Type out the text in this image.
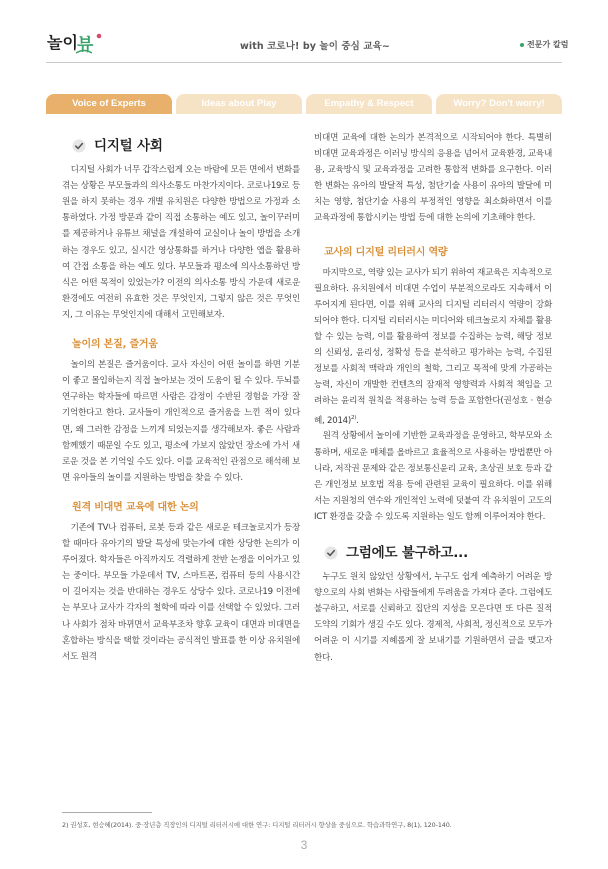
놀이 뷰	with 코로나! by 놀이 중심 교육~	전문가 칼럼
Voice of Experts	Ideas about Play	Empathy & Respect	Worry? Don't worry!
디지털 사회

디지털 사회가 너무 갑작스럽게 오는 바람에 모든 면에서 변화를 겪는 상황은 부모들과의 의사소통도 마찬가지이다. 코로나19로 등원을 하지 못하는 경우 개별 유치원은 다양한 방법으로 가정과 소통하였다. 가정 방문과 같이 직접 소통하는 예도 있고, 놀이꾸러미를 제공하거나 유튜브 채널을 개설하여 교실이나 놀이 방법을 소개하는 경우도 있고, 실시간 영상통화를 하거나 다양한 앱을 활용하여 간접 소통을 하는 예도 있다. 부모들과 평소에 의사소통하던 방식은 어떤 목적이 있었는가? 이전의 의사소통 방식 가운데 새로운 환경에도 여전히 유효한 것은 무엇인지, 그렇지 않은 것은 무엇인지, 그 이유는 무엇인지에 대해서 고민해보자.

놀이의 본질, 즐거움

놀이의 본질은 즐거움이다. 교사 자신이 어떤 놀이를 하면 기분이 좋고 몰입하는지 직접 놀아보는 것이 도움이 될 수 있다. 두뇌를 연구하는 학자들에 따르면 사람은 감정이 수반된 경험을 가장 잘 기억한다고 한다. 교사들이 개인적으로 즐거움을 느낀 적이 있다면, 왜 그러한 감정을 느끼게 되었는지를 생각해보자. 좋은 사람과 함께했기 때문일 수도 있고, 평소에 가보지 않았던 장소에 가서 새로운 것을 본 기억일 수도 있다. 이를 교육적인 관점으로 해석해 보면 유아들의 놀이를 지원하는 방법을 찾을 수 있다.

원격 비대면 교육에 대한 논의

기존에 TV나 컴퓨터, 로봇 등과 같은 새로운 테크놀로지가 등장할 때마다 유아기의 발달 특성에 맞는가에 대한 상당한 논의가 이루어졌다. 학자들은 아직까지도 격렬하게 찬반 논쟁을 이어가고 있는 중이다. 부모들 가운데서 TV, 스마트폰, 컴퓨터 등의 사용시간이 길어지는 것을 반대하는 경우도 상당수 있다. 코로나19 이전에는 부모나 교사가 각자의 철학에 따라 이를 선택할 수 있었다. 그러나 사회가 점차 바뀌면서 교육부조차 향후 교육이 대면과 비대면을 혼합하는 방식을 택할 것이라는 공식적인 발표를 한 이상 유치원에서도 원격

비대면 교육에 대한 논의가 본격적으로 시작되어야 한다. 특별히 비대면 교육과정은 이러닝 방식의 응용을 넘어서 교육환경, 교육내용, 교육방식 및 교육과정을 고려한 통합적 변화를 요구한다. 이러한 변화는 유아의 발달적 특성, 첨단기술 사용이 유아의 발달에 미치는 영향, 첨단기술 사용의 부정적인 영향을 최소화하면서 이를 교육과정에 통합시키는 방법 등에 대한 논의에 기초해야 한다.

교사의 디지털 리터러시 역량

마지막으로, 역량 있는 교사가 되기 위하여 재교육은 지속적으로 필요하다. 유치원에서 비대면 수업이 부분적으로라도 지속해서 이루어지게 된다면, 이를 위해 교사의 디지털 리터러시 역량이 강화되어야 한다. 디지털 리터러시는 미디어와 테크놀로지 자체를 활용할 수 있는 능력, 이를 활용하여 정보를 수집하는 능력, 해당 정보의 신뢰성, 윤리성, 정확성 등을 분석하고 평가하는 능력, 수집된 정보를 사회적 맥락과 개인의 철학, 그리고 목적에 맞게 가공하는 능력, 자신이 개발한 컨텐츠의 잠재적 영향력과 사회적 책임을 고려하는 윤리적 원칙을 적용하는 능력 등을 포함한다(권성호 · 현승혜, 2014)$^{2)}$.

원격 상황에서 놀이에 기반한 교육과정을 운영하고, 학부모와 소통하며, 새로운 매체를 올바르고 효율적으로 사용하는 방법뿐만 아니라, 저작권 문제와 같은 정보통신윤리 교육, 초상권 보호 등과 같은 개인정보 보호법 적용 등에 관련된 교육이 필요하다. 이를 위해서는 지원청의 연수와 개인적인 노력에 덧붙여 각 유치원이 고도의 ICT 환경을 갖출 수 있도록 지원하는 일도 함께 이루어져야 한다.

그럼에도 불구하고...

누구도 원치 않았던 상황에서, 누구도 쉽게 예측하기 어려운 방향으로의 사회 변화는 사람들에게 두려움을 가져다 준다. 그럼에도 불구하고, 서로를 신뢰하고 집단의 지성을 모은다면 또 다른 질적 도약의 기회가 생길 수도 있다. 경제적, 사회적, 정신적으로 모두가 어려운 이 시기를 지혜롭게 잘 보내기를 기원하면서 글을 맺고자 한다.

2) 권성호, 현승혜(2014). 중·장년층 직장인의 디지털 리터러시에 대한 연구: 디지털 리터러시 향상을 중심으로. 학습과학연구, 8(1), 120-140.
3
